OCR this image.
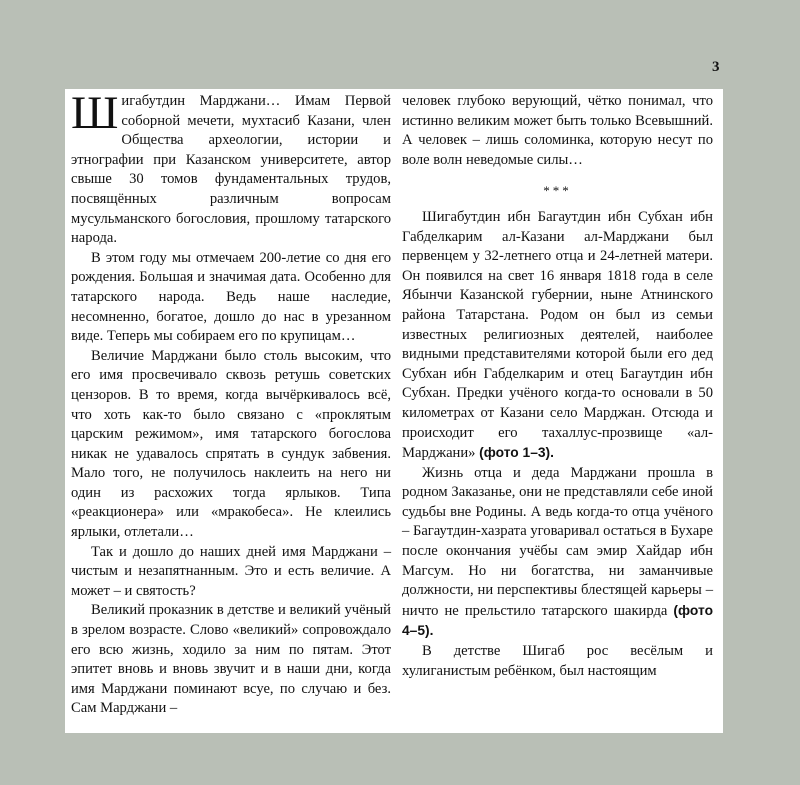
3

Шигабутдин Марджани… Имам Первой соборной мечети, мухтасиб Казани, член Общества археологии, истории и этнографии при Казанском университете, автор свыше 30 томов фундаментальных трудов, посвящённых различным вопросам мусульманского богословия, прошлому татарского народа.

В этом году мы отмечаем 200-летие со дня его рождения. Большая и значимая дата. Особенно для татарского народа. Ведь наше наследие, несомненно, богатое, дошло до нас в урезанном виде. Теперь мы собираем его по крупицам…

Величие Марджани было столь высоким, что его имя просвечивало сквозь ретушь советских цензоров. В то время, когда вычёркивалось всё, что хоть как-то было связано с «проклятым царским режимом», имя татарского богослова никак не удавалось спрятать в сундук забвения. Мало того, не получилось наклеить на него ни один из расхожих тогда ярлыков. Типа «реакционера» или «мракобеса». Не клеились ярлыки, отлетали…

Так и дошло до наших дней имя Марджани – чистым и незапятнанным. Это и есть величие. А может – и святость?

Великий проказник в детстве и великий учёный в зрелом возрасте. Слово «великий» сопровождало его всю жизнь, ходило за ним по пятам. Этот эпитет вновь и вновь звучит и в наши дни, когда имя Марджани поминают всуе, по случаю и без. Сам Марджани –

человек глубоко верующий, чётко понимал, что истинно великим может быть только Всевышний. А человек – лишь соломинка, которую несут по воле волн неведомые силы…

***

Шигабутдин ибн Багаутдин ибн Субхан ибн Габделкарим ал-Казани ал-Марджани был первенцем у 32-летнего отца и 24-летней матери. Он появился на свет 16 января 1818 года в селе Ябынчи Казанской губернии, ныне Атнинского района Татарстана. Родом он был из семьи известных религиозных деятелей, наиболее видными представителями которой были его дед Субхан ибн Габделкарим и отец Багаутдин ибн Субхан. Предки учёного когда-то основали в 50 километрах от Казани село Марджан. Отсюда и происходит его тахаллус-прозвище «ал-Марджани» (фото 1–3).

Жизнь отца и деда Марджани прошла в родном Заказанье, они не представляли себе иной судьбы вне Родины. А ведь когда-то отца учёного – Багаутдин-хазрата уговаривал остаться в Бухаре после окончания учёбы сам эмир Хайдар ибн Магсум. Но ни богатства, ни заманчивые должности, ни перспективы блестящей карьеры – ничто не прельстило татарского шакирда (фото 4–5).

В детстве Шигаб рос весёлым и хулиганистым ребёнком, был настоящим
